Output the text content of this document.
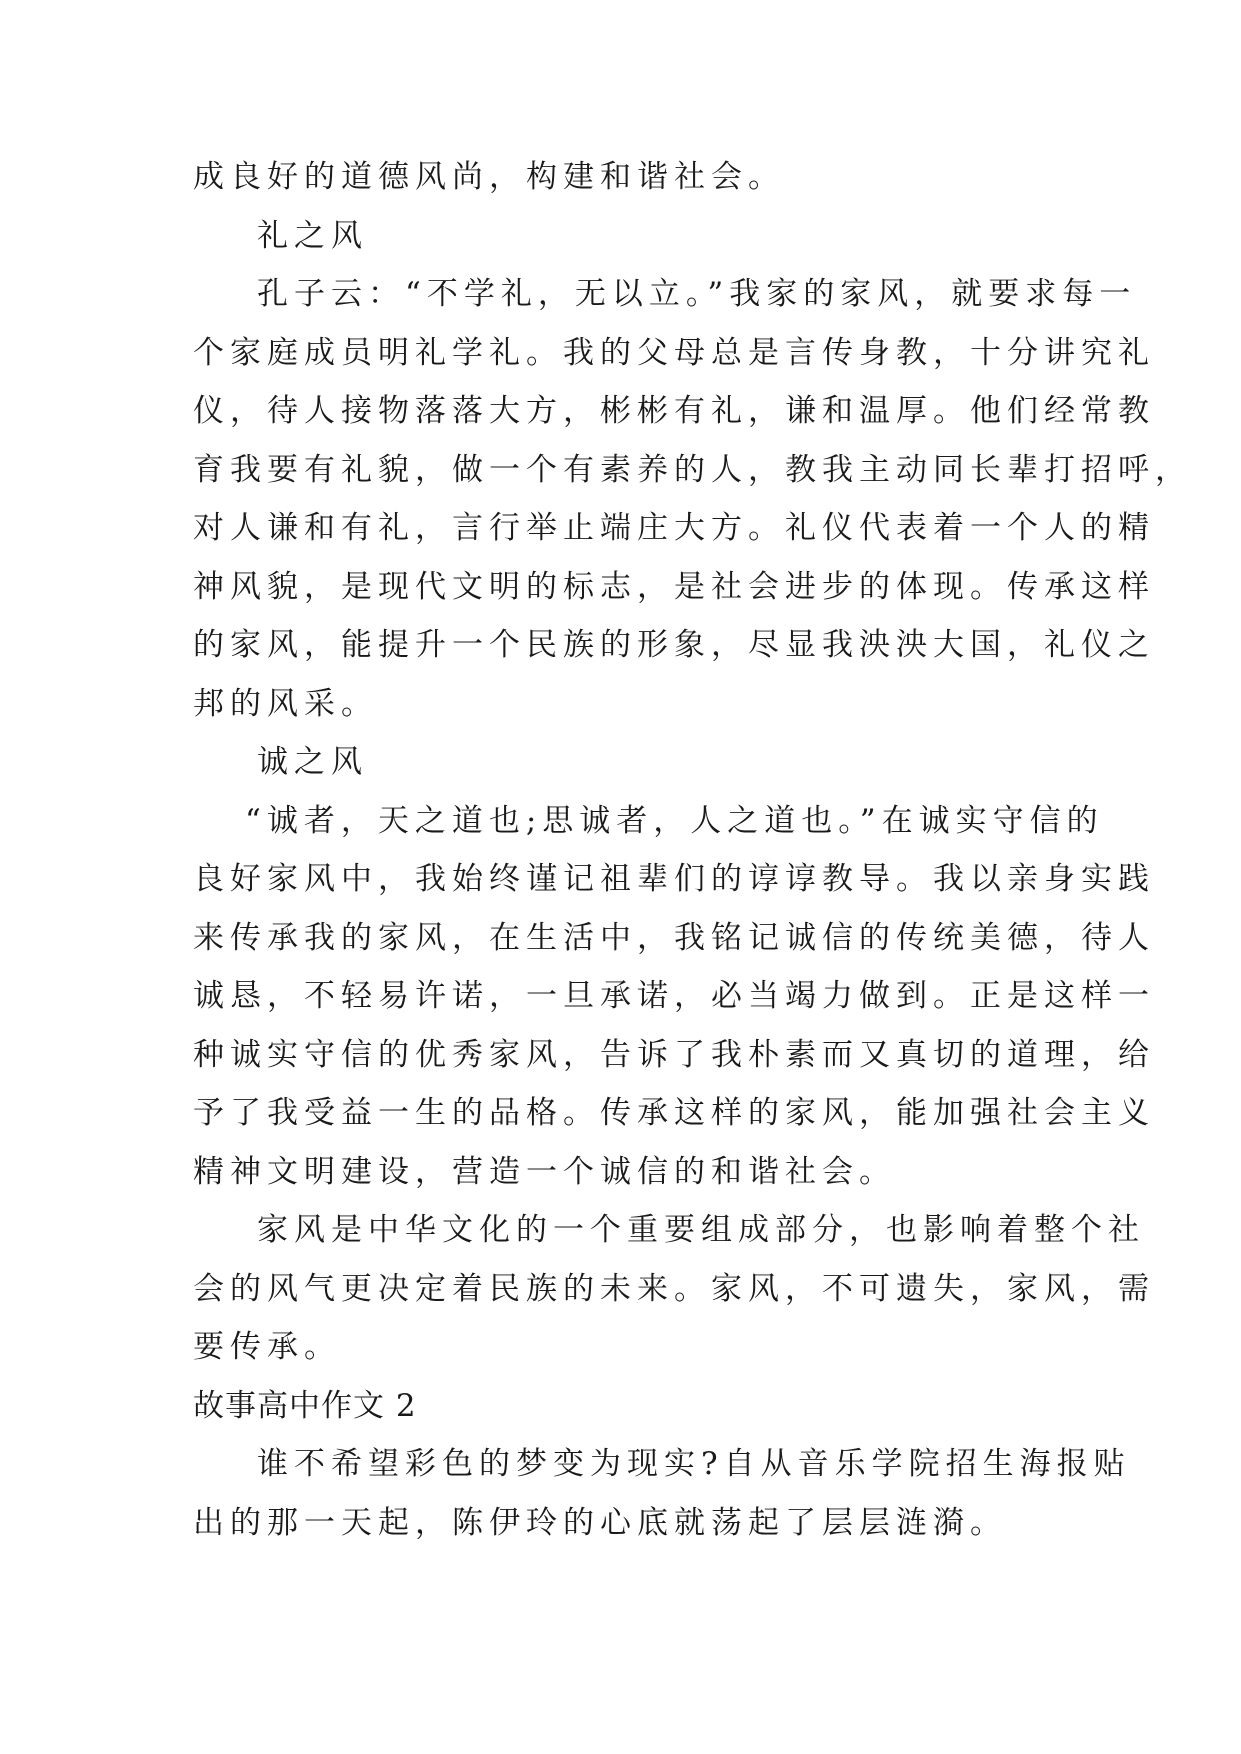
成良好的道德风尚，构建和谐社会。
礼之风
孔子云：“不学礼，无以立。”我家的家风，就要求每一
个家庭成员明礼学礼。我的父母总是言传身教，十分讲究礼
仪，待人接物落落大方，彬彬有礼，谦和温厚。他们经常教
育我要有礼貌，做一个有素养的人，教我主动同长辈打招呼，
对人谦和有礼，言行举止端庄大方。礼仪代表着一个人的精
神风貌，是现代文明的标志，是社会进步的体现。传承这样
的家风，能提升一个民族的形象，尽显我泱泱大国，礼仪之
邦的风采。
诚之风
“诚者，天之道也;思诚者，人之道也。”在诚实守信的
良好家风中，我始终谨记祖辈们的谆谆教导。我以亲身实践
来传承我的家风，在生活中，我铭记诚信的传统美德，待人
诚恳，不轻易许诺，一旦承诺，必当竭力做到。正是这样一
种诚实守信的优秀家风，告诉了我朴素而又真切的道理，给
予了我受益一生的品格。传承这样的家风，能加强社会主义
精神文明建设，营造一个诚信的和谐社会。
家风是中华文化的一个重要组成部分，也影响着整个社
会的风气更决定着民族的未来。家风，不可遗失，家风，需
要传承。
故事高中作文 2
谁不希望彩色的梦变为现实?自从音乐学院招生海报贴
出的那一天起，陈伊玲的心底就荡起了层层涟漪。
